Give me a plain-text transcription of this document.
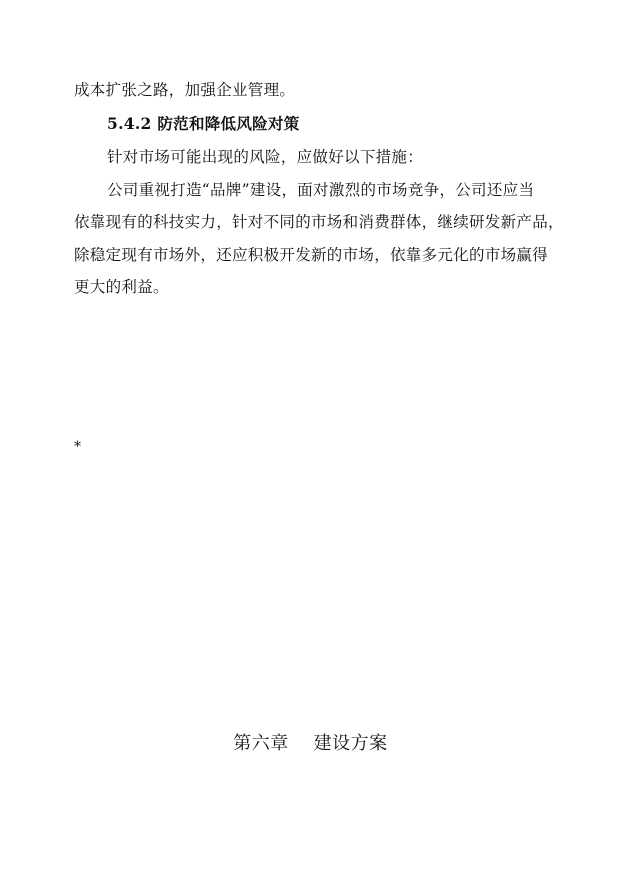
成本扩张之路，加强企业管理。
5.4.2 防范和降低风险对策
针对市场可能出现的风险，应做好以下措施：
公司重视打造“品牌”建设，面对激烈的市场竞争，公司还应当
依靠现有的科技实力，针对不同的市场和消费群体，继续研发新产品，
除稳定现有市场外，还应积极开发新的市场，依靠多元化的市场赢得
更大的利益。
*
第六章    建设方案
